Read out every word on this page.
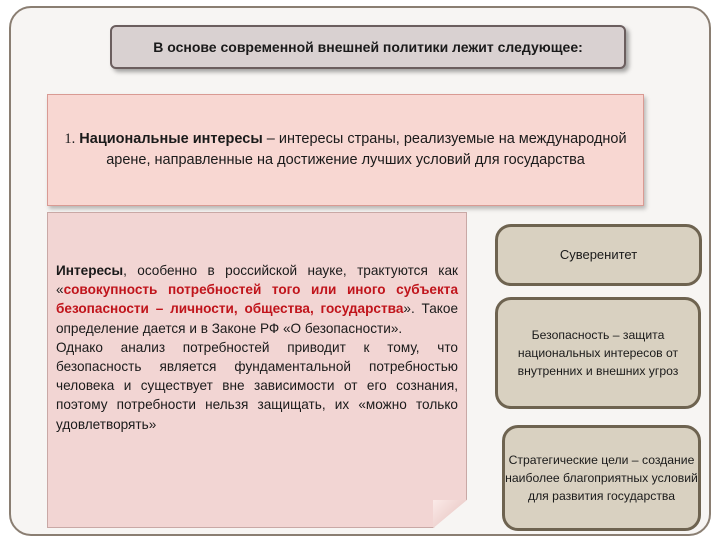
В основе современной внешней политики лежит следующее:
1. Национальные интересы – интересы страны, реализуемые на международной арене, направленные на достижение лучших условий для государства
Интересы, особенно в российской науке, трактуются как «совокупность потребностей того или иного субъекта безопасности – личности, общества, государства». Такое определение дается и в Законе РФ «О безопасности».
Однако анализ потребностей приводит к тому, что безопасность является фундаментальной потребностью человека и существует вне зависимости от его сознания, поэтому потребности нельзя защищать, их «можно только удовлетворять»
Суверенитет
Безопасность – защита национальных интересов от внутренних и внешних угроз
Стратегические цели – создание наиболее благоприятных условий для развития государства
